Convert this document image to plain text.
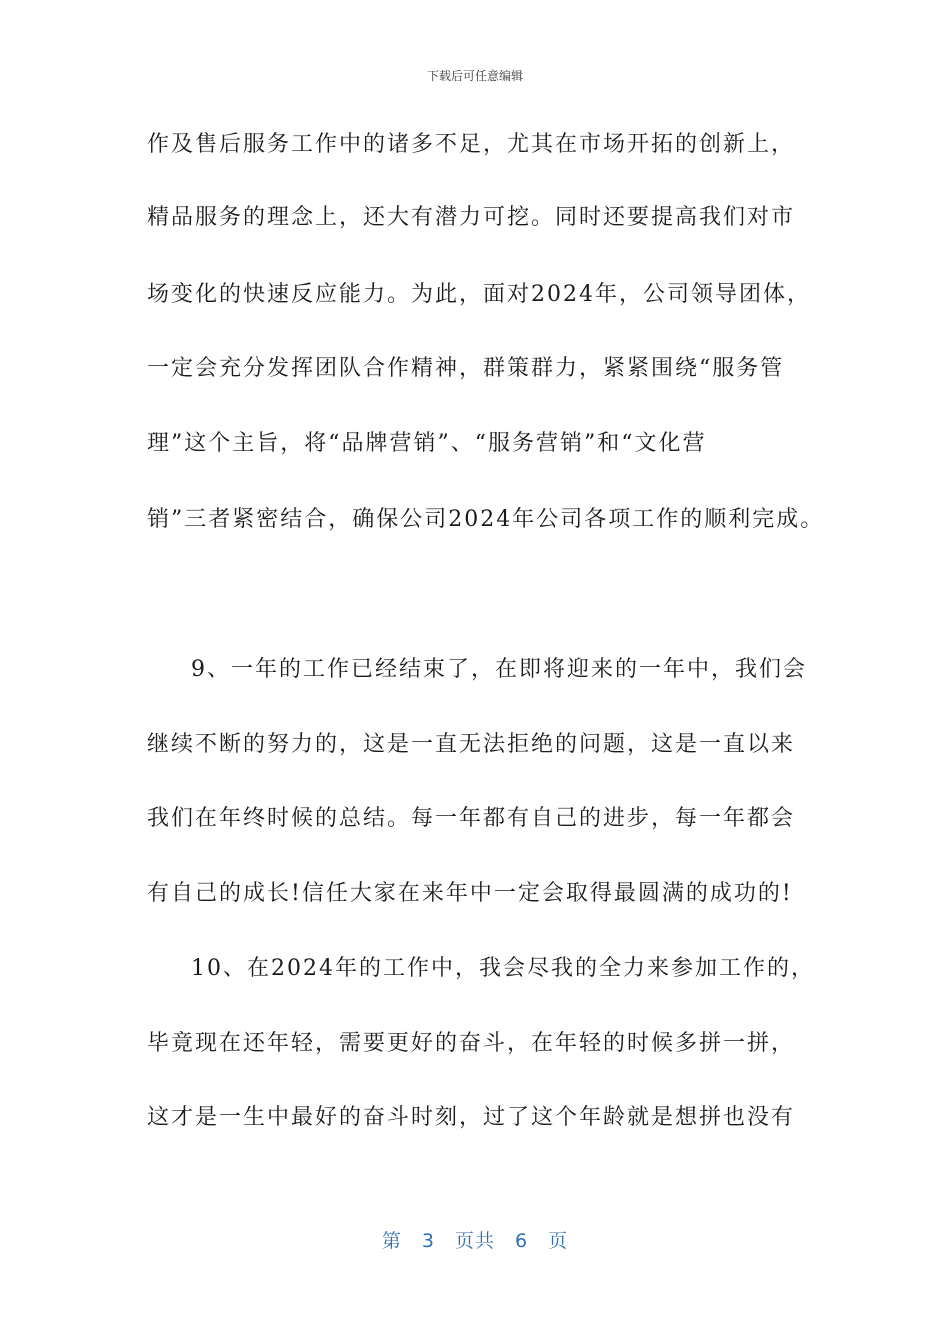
下载后可任意编辑
作及售后服务工作中的诸多不足，尤其在市场开拓的创新上，
精品服务的理念上，还大有潜力可挖。同时还要提高我们对市
场变化的快速反应能力。为此，面对2024年，公司领导团体，
一定会充分发挥团队合作精神，群策群力，紧紧围绕“服务管
理”这个主旨，将“品牌营销”、“服务营销”和“文化营
销”三者紧密结合，确保公司2024年公司各项工作的顺利完成。
9、一年的工作已经结束了，在即将迎来的一年中，我们会
继续不断的努力的，这是一直无法拒绝的问题，这是一直以来
我们在年终时候的总结。每一年都有自己的进步，每一年都会
有自己的成长!信任大家在来年中一定会取得最圆满的成功的!
10、在2024年的工作中，我会尽我的全力来参加工作的，
毕竟现在还年轻，需要更好的奋斗，在年轻的时候多拼一拼，
这才是一生中最好的奋斗时刻，过了这个年龄就是想拼也没有
第 3 页共 6 页
